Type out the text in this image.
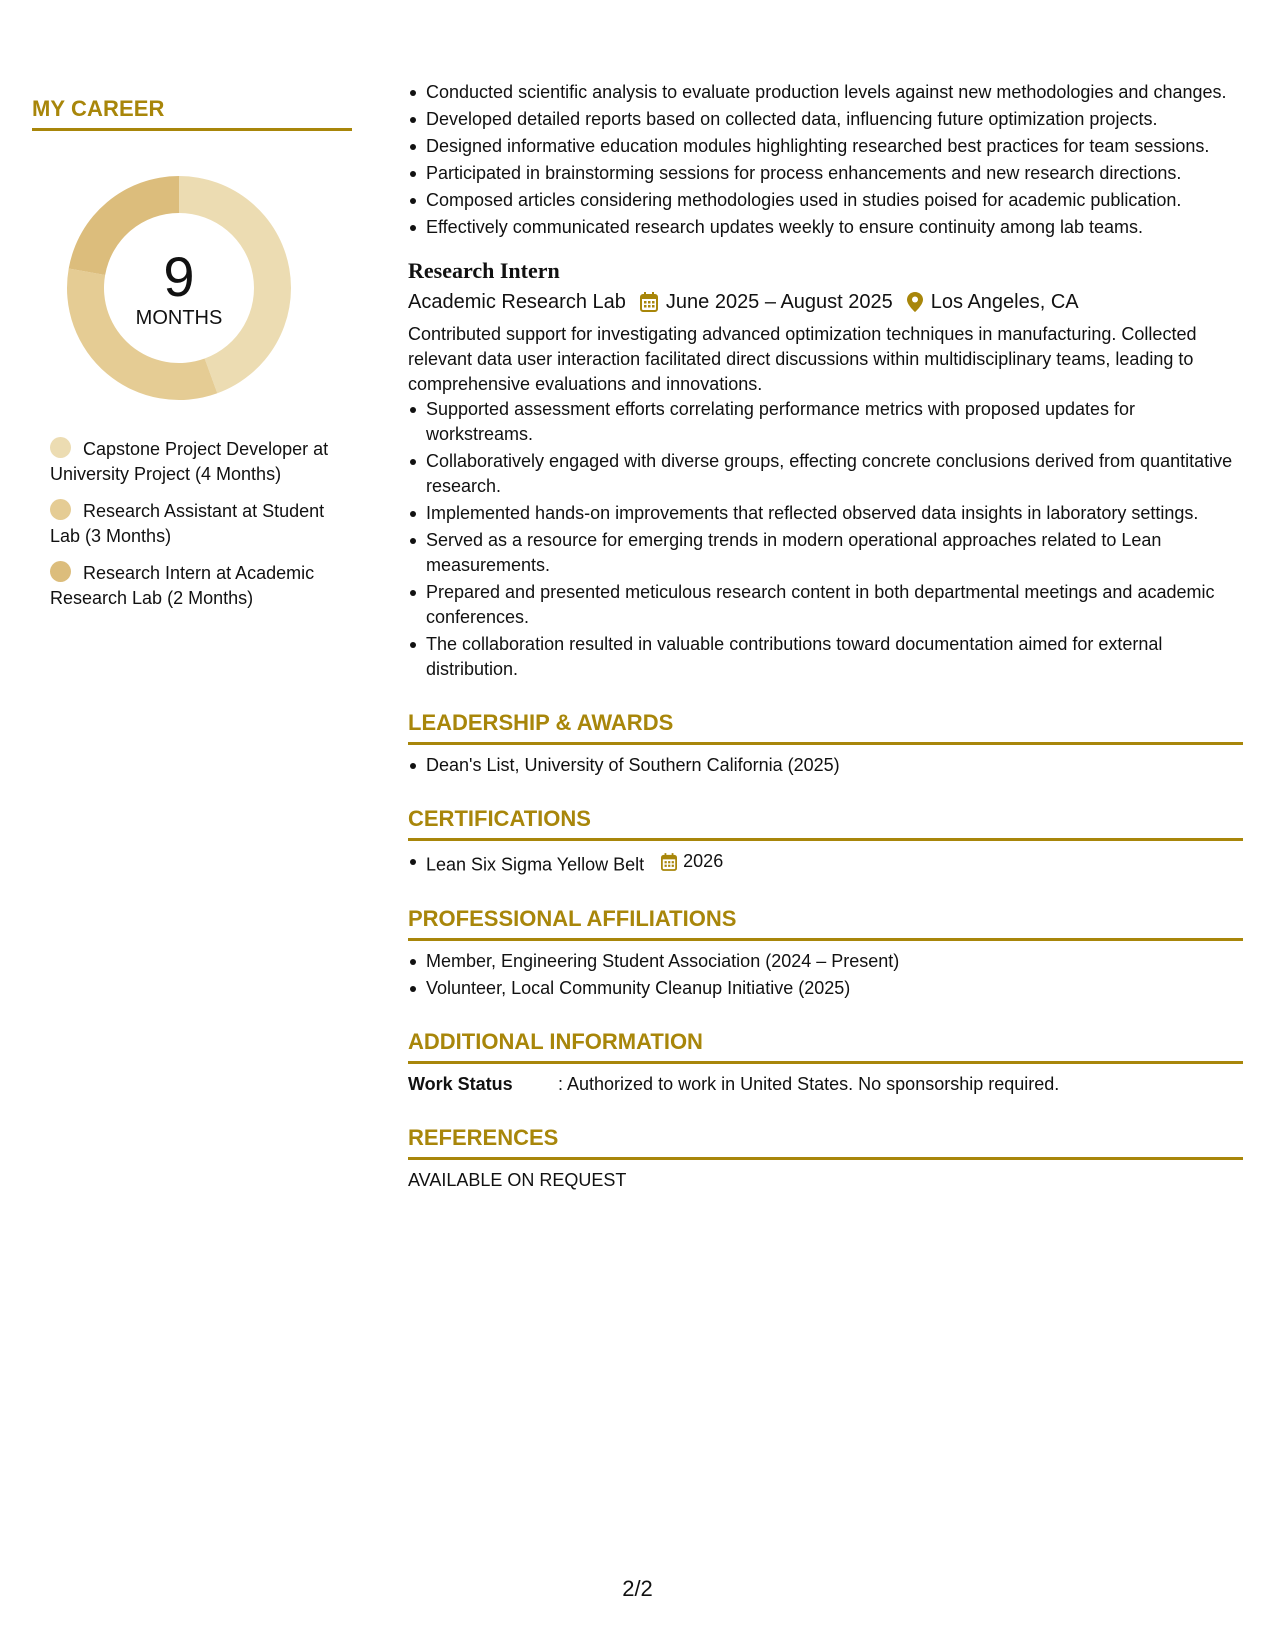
MY CAREER
9
MONTHS
Capstone Project Developer at University Project (4 Months)
Research Assistant at Student Lab (3 Months)
Research Intern at Academic Research Lab (2 Months)
Conducted scientific analysis to evaluate production levels against new methodologies and changes.
Developed detailed reports based on collected data, influencing future optimization projects.
Designed informative education modules highlighting researched best practices for team sessions.
Participated in brainstorming sessions for process enhancements and new research directions.
Composed articles considering methodologies used in studies poised for academic publication.
Effectively communicated research updates weekly to ensure continuity among lab teams.
Research Intern
Academic Research Lab June 2025 – August 2025 Los Angeles, CA

Contributed support for investigating advanced optimization techniques in manufacturing. Collected relevant data user interaction facilitated direct discussions within multidisciplinary teams, leading to comprehensive evaluations and innovations.

Supported assessment efforts correlating performance metrics with proposed updates for workstreams.
Collaboratively engaged with diverse groups, effecting concrete conclusions derived from quantitative research.
Implemented hands-on improvements that reflected observed data insights in laboratory settings.
Served as a resource for emerging trends in modern operational approaches related to Lean measurements.
Prepared and presented meticulous research content in both departmental meetings and academic conferences.
The collaboration resulted in valuable contributions toward documentation aimed for external distribution.
LEADERSHIP & AWARDS
Dean's List, University of Southern California (2025)
CERTIFICATIONS
Lean Six Sigma Yellow Belt 2026
PROFESSIONAL AFFILIATIONS
Member, Engineering Student Association (2024 – Present)
Volunteer, Local Community Cleanup Initiative (2025)
ADDITIONAL INFORMATION
Work Status	: Authorized to work in United States. No sponsorship required.
REFERENCES
AVAILABLE ON REQUEST
2/2
